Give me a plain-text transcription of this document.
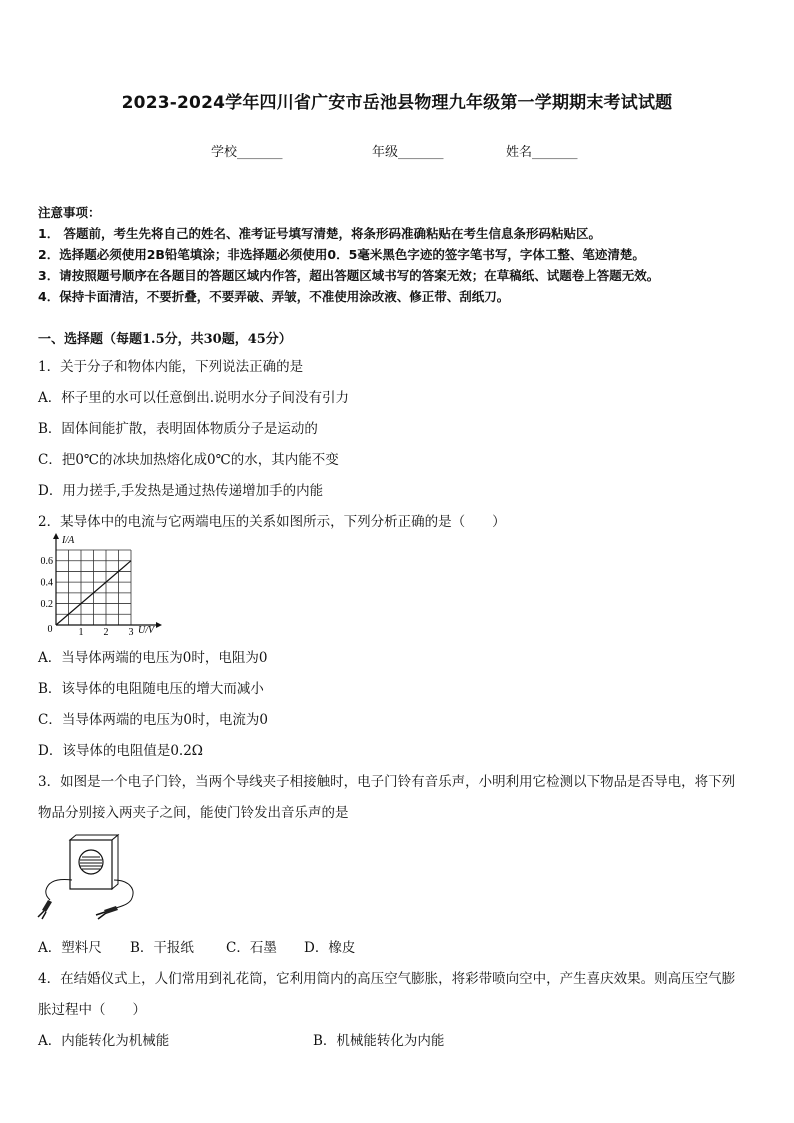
2023-2024学年四川省广安市岳池县物理九年级第一学期期末考试试题
学校_______	年级_______	姓名_______
注意事项：
1． 答题前，考生先将自己的姓名、准考证号填写清楚，将条形码准确粘贴在考生信息条形码粘贴区。
2．选择题必须使用2B铅笔填涂；非选择题必须使用0．5毫米黑色字迹的签字笔书写，字体工整、笔迹清楚。
3．请按照题号顺序在各题目的答题区域内作答，超出答题区域书写的答案无效；在草稿纸、试题卷上答题无效。
4．保持卡面清洁，不要折叠，不要弄破、弄皱，不准使用涂改液、修正带、刮纸刀。
一、选择题（每题1.5分，共30题，45分）
1．关于分子和物体内能，下列说法正确的是
A．杯子里的水可以任意倒出.说明水分子间没有引力
B．固体间能扩散，表明固体物质分子是运动的
C．把0℃的冰块加热熔化成0℃的水，其内能不变
D．用力搓手,手发热是通过热传递增加手的内能
2．某导体中的电流与它两端电压的关系如图所示，下列分析正确的是（　　）
1 2 3
0.2
0.4
0.6
I/A
U/V
0
A．当导体两端的电压为0时，电阻为0
B．该导体的电阻随电压的增大而减小
C．当导体两端的电压为0时，电流为0
D．该导体的电阻值是0.2Ω
3．如图是一个电子门铃，当两个导线夹子相接触时，电子门铃有音乐声，小明利用它检测以下物品是否导电，将下列
物品分别接入两夹子之间，能使门铃发出音乐声的是
A．塑料尺 B．干报纸 C．石墨 D．橡皮
4．在结婚仪式上，人们常用到礼花筒，它利用筒内的高压空气膨胀，将彩带喷向空中，产生喜庆效果。则高压空气膨
胀过程中（　　）
A．内能转化为机械能	B．机械能转化为内能
